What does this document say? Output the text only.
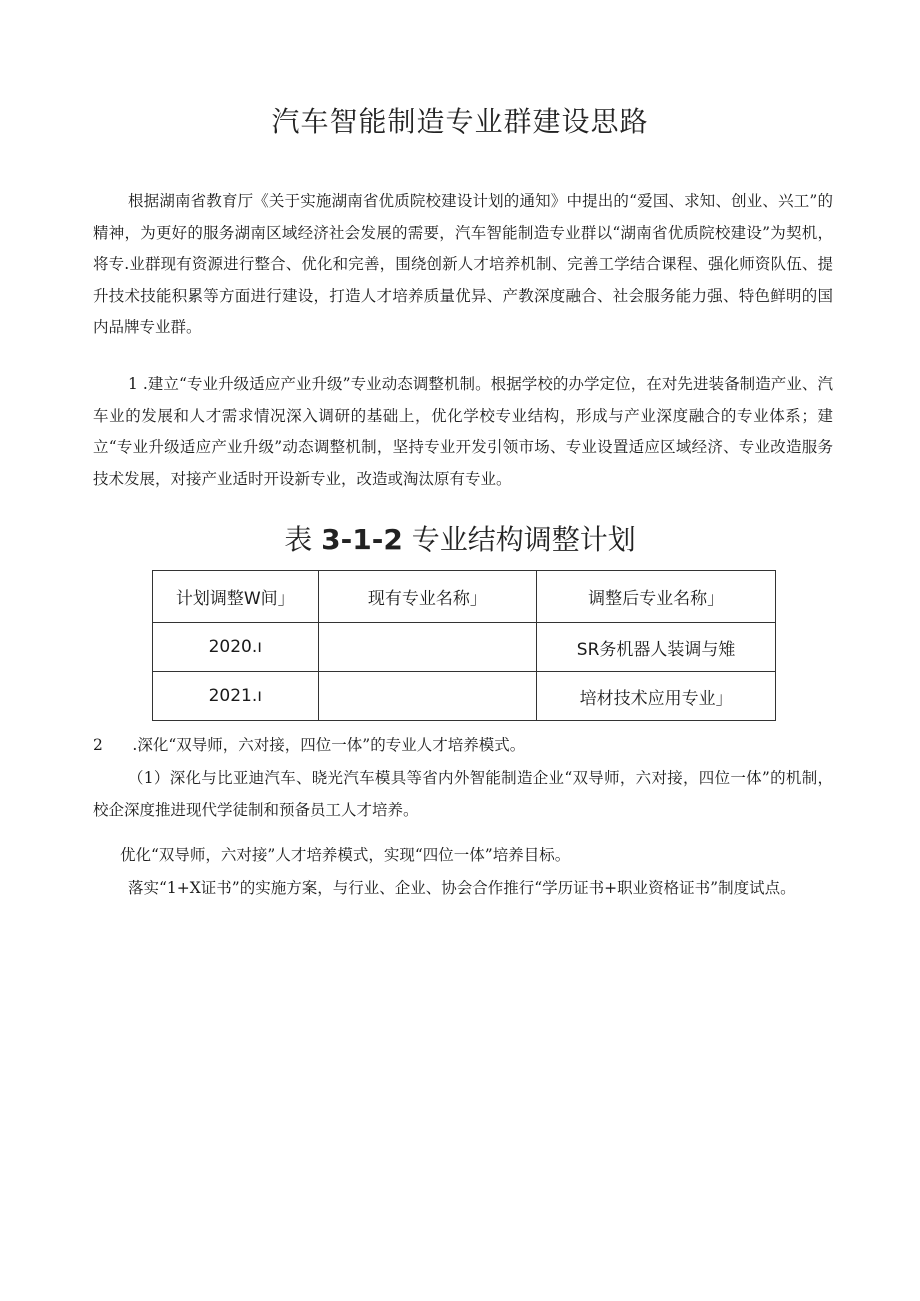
汽车智能制造专业群建设思路

根据湖南省教育厅《关于实施湖南省优质院校建设计划的通知》中提出的“爱国、求知、创业、兴工”的精神，为更好的服务湖南区域经济社会发展的需要，汽车智能制造专业群以“湖南省优质院校建设”为契机，将专.业群现有资源进行整合、优化和完善，围绕创新人才培养机制、完善工学结合课程、强化师资队伍、提升技术技能积累等方面进行建设，打造人才培养质量优异、产教深度融合、社会服务能力强、特色鲜明的国内品牌专业群。

1 .建立“专业升级适应产业升级”专业动态调整机制。根据学校的办学定位，在对先进装备制造产业、汽车业的发展和人才需求情况深入调研的基础上，优化学校专业结构，形成与产业深度融合的专业体系；建立“专业升级适应产业升级”动态调整机制，坚持专业开发引领市场、专业设置适应区域经济、专业改造服务技术发展，对接产业适时开设新专业，改造或淘汰原有专业。

表 3-1-2 专业结构调整计划
计划调整W间」	现有专业名称」	调整后专业名称」
2020.ı		SR务机器人装调与雉
2021.ı		培材技术应用专业」

2      .深化“双导师，六对接，四位一体”的专业人才培养模式。

（1）深化与比亚迪汽车、晓光汽车模具等省内外智能制造企业“双导师，六对接，四位一体”的机制，校企深度推进现代学徒制和预备员工人才培养。

优化“双导师，六对接”人才培养模式，实现“四位一体”培养目标。

落实“1+X证书”的实施方案，与行业、企业、协会合作推行“学历证书+职业资格证书”制度试点。
